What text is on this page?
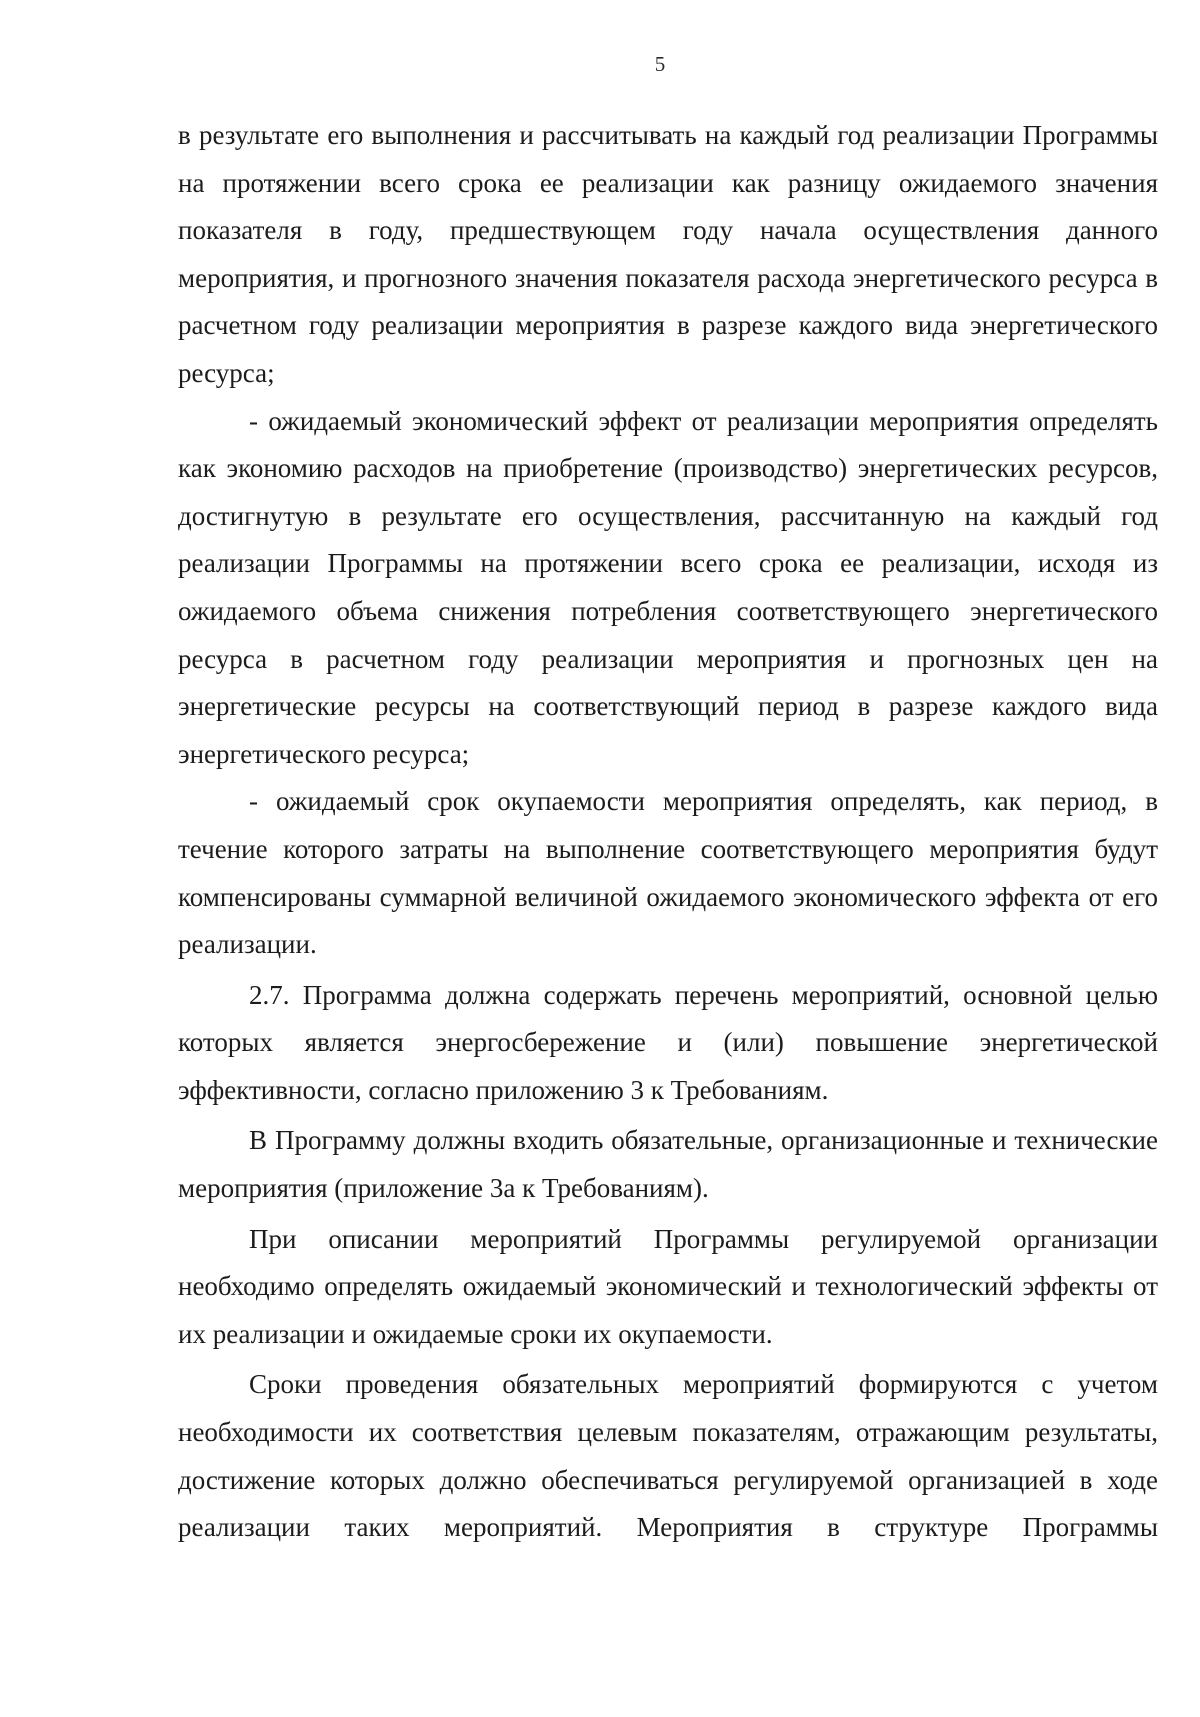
5

в результате его выполнения и рассчитывать на каждый год реализации Программы на протяжении всего срока ее реализации как разницу ожидаемого значения показателя в году, предшествующем году начала осуществления данного мероприятия, и прогнозного значения показателя расхода энергетического ресурса в расчетном году реализации мероприятия в разрезе каждого вида энергетического ресурса;

- ожидаемый экономический эффект от реализации мероприятия определять как экономию расходов на приобретение (производство) энергетических ресурсов, достигнутую в результате его осуществления, рассчитанную на каждый год реализации Программы на протяжении всего срока ее реализации, исходя из ожидаемого объема снижения потребления соответствующего энергетического ресурса в расчетном году реализации мероприятия и прогнозных цен на энергетические ресурсы на соответствующий период в разрезе каждого вида энергетического ресурса;

- ожидаемый срок окупаемости мероприятия определять, как период, в течение которого затраты на выполнение соответствующего мероприятия будут компенсированы суммарной величиной ожидаемого экономического эффекта от его реализации.

2.7. Программа должна содержать перечень мероприятий, основной целью которых является энергосбережение и (или) повышение энергетической эффективности, согласно приложению 3 к Требованиям.

В Программу должны входить обязательные, организационные и технические мероприятия (приложение 3а к Требованиям).

При описании мероприятий Программы регулируемой организации необходимо определять ожидаемый экономический и технологический эффекты от их реализации и ожидаемые сроки их окупаемости.

Сроки проведения обязательных мероприятий формируются с учетом необходимости их соответствия целевым показателям, отражающим результаты, достижение которых должно обеспечиваться регулируемой организацией в ходе реализации таких мероприятий. Мероприятия в структуре Программы
